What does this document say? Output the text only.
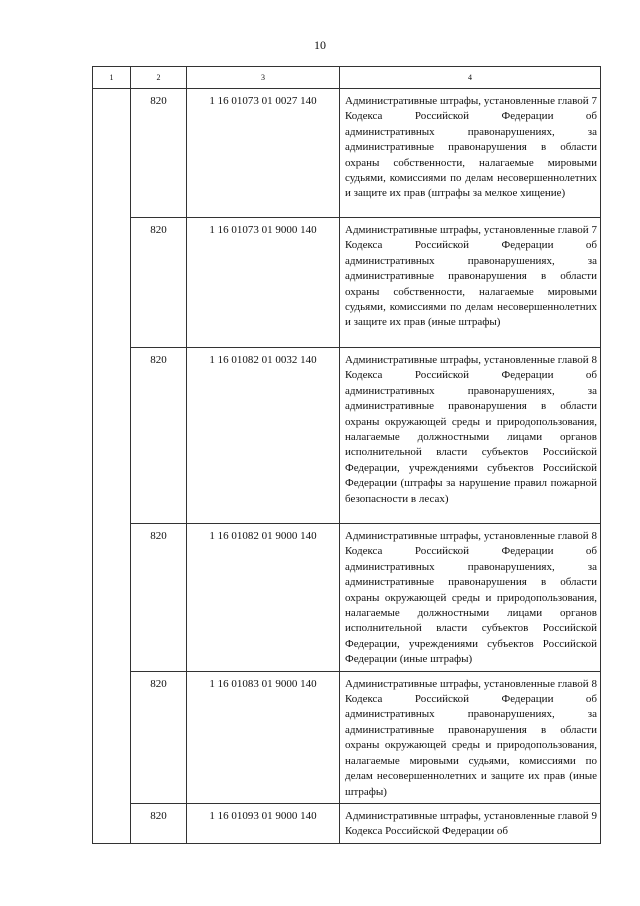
10
1	2	3	4
	820	1 16 01073 01 0027 140	Административные штрафы, установленные главой 7 Кодекса Российской Федерации об административных правонарушениях, за административные правонарушения в области охраны собственности, налагаемые мировыми судьями, комиссиями по делам несовершеннолетних и защите их прав (штрафы за мелкое хищение)
	820	1 16 01073 01 9000 140	Административные штрафы, установленные главой 7 Кодекса Российской Федерации об административных правонарушениях, за административные правонарушения в области охраны собственности, налагаемые мировыми судьями, комиссиями по делам несовершеннолетних и защите их прав (иные штрафы)
	820	1 16 01082 01 0032 140	Административные штрафы, установленные главой 8 Кодекса Российской Федерации об административных правонарушениях, за административные правонарушения в области охраны окружающей среды и природопользования, налагаемые должностными лицами органов исполнительной власти субъектов Российской Федерации, учреждениями субъектов Российской Федерации (штрафы за нарушение правил пожарной безопасности в лесах)
	820	1 16 01082 01 9000 140	Административные штрафы, установленные главой 8 Кодекса Российской Федерации об административных правонарушениях, за административные правонарушения в области охраны окружающей среды и природопользования, налагаемые должностными лицами органов исполнительной власти субъектов Российской Федерации, учреждениями субъектов Российской Федерации (иные штрафы)
	820	1 16 01083 01 9000 140	Административные штрафы, установленные главой 8 Кодекса Российской Федерации об административных правонарушениях, за административные правонарушения в области охраны окружающей среды и природопользования, налагаемые мировыми судьями, комиссиями по делам несовершеннолетних и защите их прав (иные штрафы)
	820	1 16 01093 01 9000 140	Административные штрафы, установленные главой 9 Кодекса Российской Федерации об
